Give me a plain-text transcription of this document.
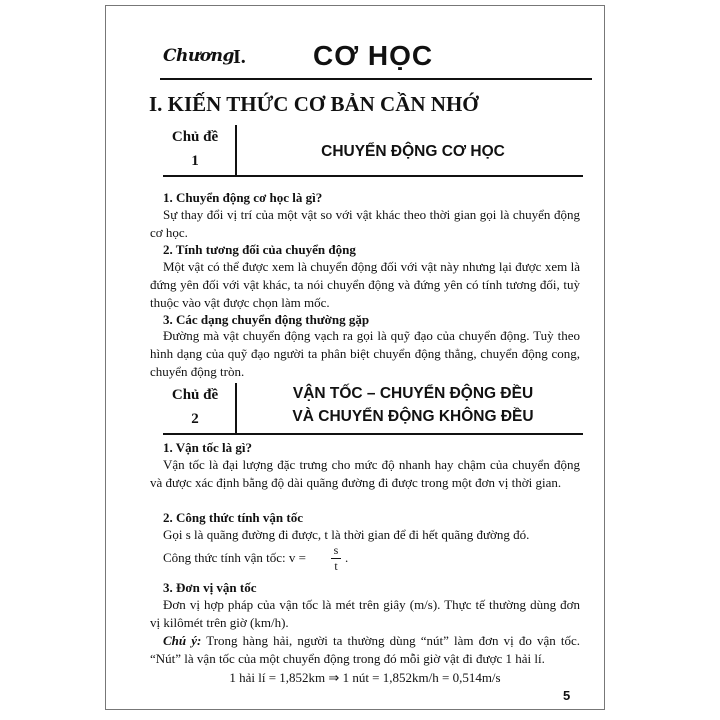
Chương I. CƠ HỌC
I. KIẾN THỨC CƠ BẢN CẦN NHỚ
Chủ đề
1
CHUYỂN ĐỘNG CƠ HỌC
1. Chuyển động cơ học là gì?
Sự thay đổi vị trí của một vật so với vật khác theo thời gian gọi là chuyển động cơ học.
2. Tính tương đối của chuyển động
Một vật có thể được xem là chuyển động đối với vật này nhưng lại được xem là đứng yên đối với vật khác, ta nói chuyển động và đứng yên có tính tương đối, tuỳ thuộc vào vật được chọn làm mốc.
3. Các dạng chuyển động thường gặp
Đường mà vật chuyển động vạch ra gọi là quỹ đạo của chuyển động. Tuỳ theo hình dạng của quỹ đạo người ta phân biệt chuyển động thẳng, chuyển động cong, chuyển động tròn.
Chủ đề
2
VẬN TỐC – CHUYỂN ĐỘNG ĐỀU
VÀ CHUYỂN ĐỘNG KHÔNG ĐỀU
1. Vận tốc là gì?
Vận tốc là đại lượng đặc trưng cho mức độ nhanh hay chậm của chuyển động và được xác định bằng độ dài quãng đường đi được trong một đơn vị thời gian.
2. Công thức tính vận tốc
Gọi s là quãng đường đi được, t là thời gian để đi hết quãng đường đó.
Công thức tính vận tốc: v = s
t
.
3. Đơn vị vận tốc
Đơn vị hợp pháp của vận tốc là mét trên giây (m/s). Thực tế thường dùng đơn vị kilômét trên giờ (km/h).
Chú ý: Trong hàng hải, người ta thường dùng “nút” làm đơn vị đo vận tốc. “Nút” là vận tốc của một chuyển động trong đó mỗi giờ vật đi được 1 hải lí.
1 hải lí = 1,852km ⇒ 1 nút = 1,852km/h = 0,514m/s
5
